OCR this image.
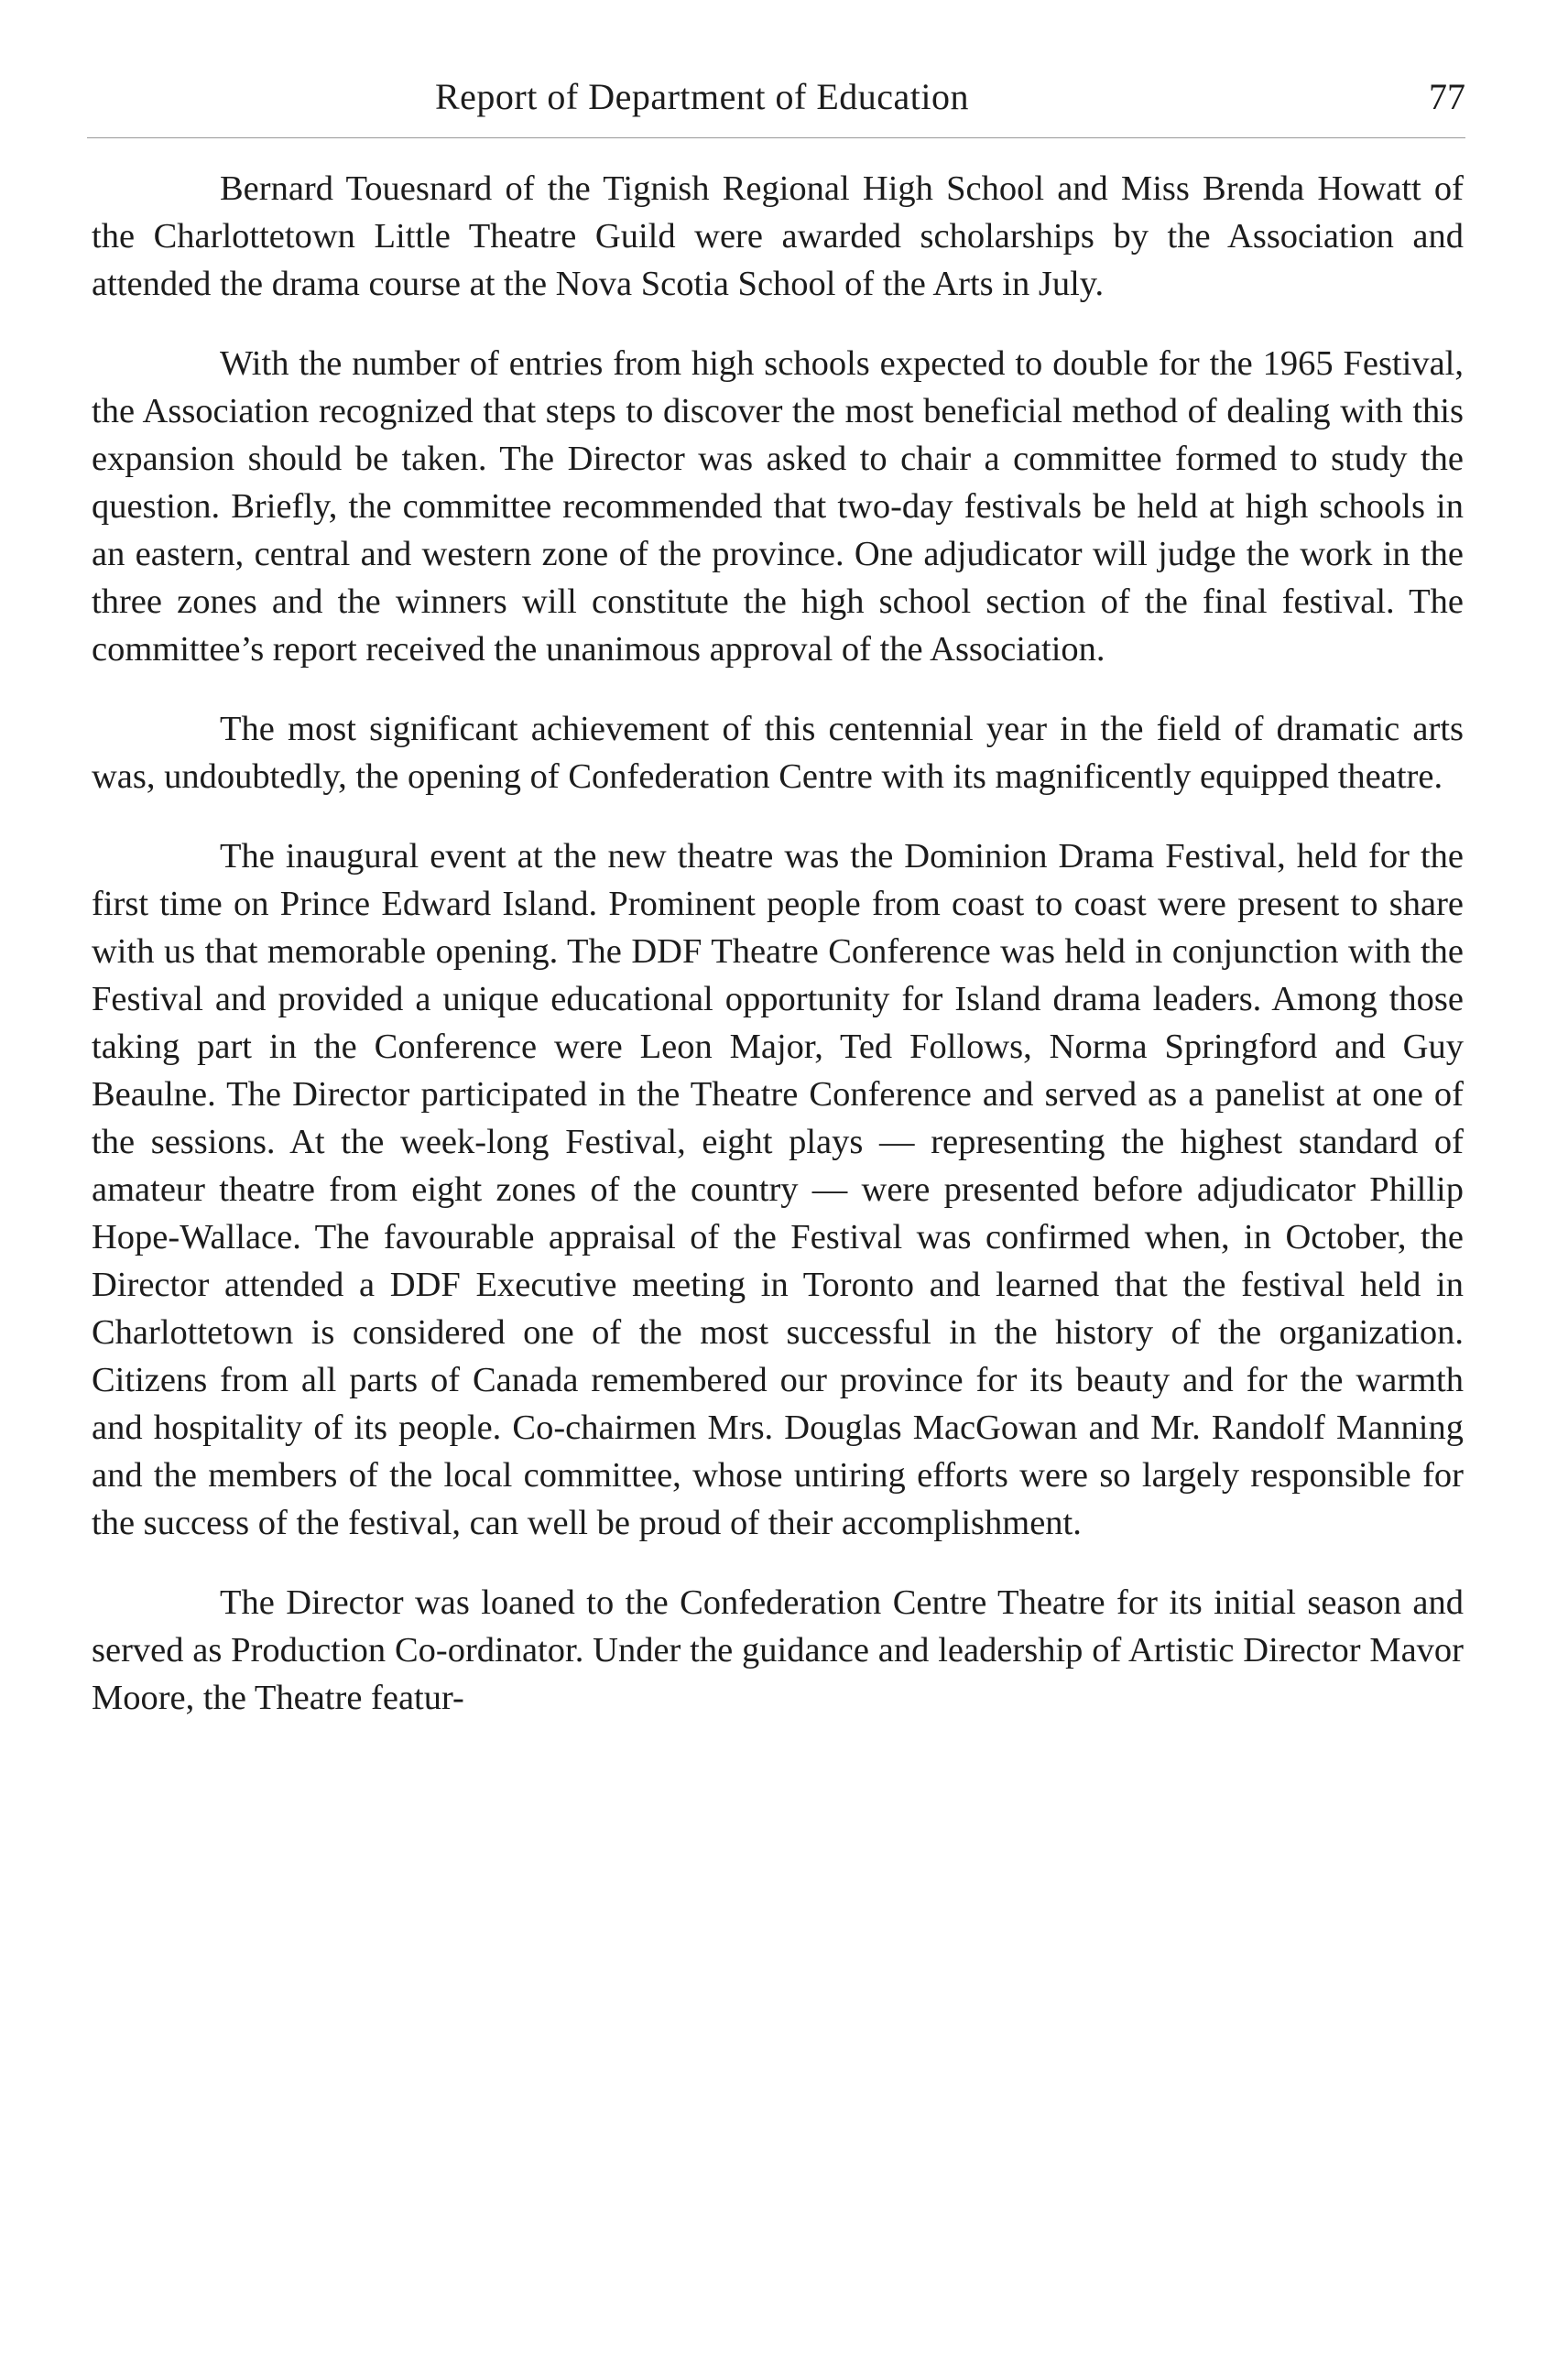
Report of Department of Education	77

Bernard Touesnard of the Tignish Regional High School and Miss Brenda Howatt of the Charlottetown Little Theatre Guild were awarded scholarships by the Association and attended the drama course at the Nova Scotia School of the Arts in July.

With the number of entries from high schools expected to double for the 1965 Festival, the Association recognized that steps to discover the most beneficial method of dealing with this expansion should be taken. The Director was asked to chair a committee formed to study the question. Briefly, the committee recommended that two-day festivals be held at high schools in an eastern, central and western zone of the province. One adjudicator will judge the work in the three zones and the winners will constitute the high school section of the final festival. The committee’s report received the unanimous approval of the Association.

The most significant achievement of this centennial year in the field of dramatic arts was, undoubtedly, the opening of Confederation Centre with its magnificently equipped theatre.

The inaugural event at the new theatre was the Dominion Drama Festival, held for the first time on Prince Edward Island. Prominent people from coast to coast were present to share with us that memorable opening. The DDF Theatre Conference was held in conjunction with the Festival and provided a unique educational opportunity for Island drama leaders. Among those taking part in the Conference were Leon Major, Ted Follows, Norma Springford and Guy Beaulne. The Director participated in the Theatre Conference and served as a panelist at one of the sessions. At the week-long Festival, eight plays — representing the highest standard of amateur theatre from eight zones of the country — were presented before adjudicator Phillip Hope-Wallace. The favourable appraisal of the Festival was confirmed when, in October, the Director attended a DDF Executive meeting in Toronto and learned that the festival held in Charlottetown is considered one of the most successful in the history of the organization. Citizens from all parts of Canada remembered our province for its beauty and for the warmth and hospitality of its people. Co-chairmen Mrs. Douglas MacGowan and Mr. Randolf Manning and the members of the local committee, whose untiring efforts were so largely responsible for the success of the festival, can well be proud of their accomplishment.

The Director was loaned to the Confederation Centre Theatre for its initial season and served as Production Co-ordinator. Under the guidance and leadership of Artistic Director Mavor Moore, the Theatre featur-
